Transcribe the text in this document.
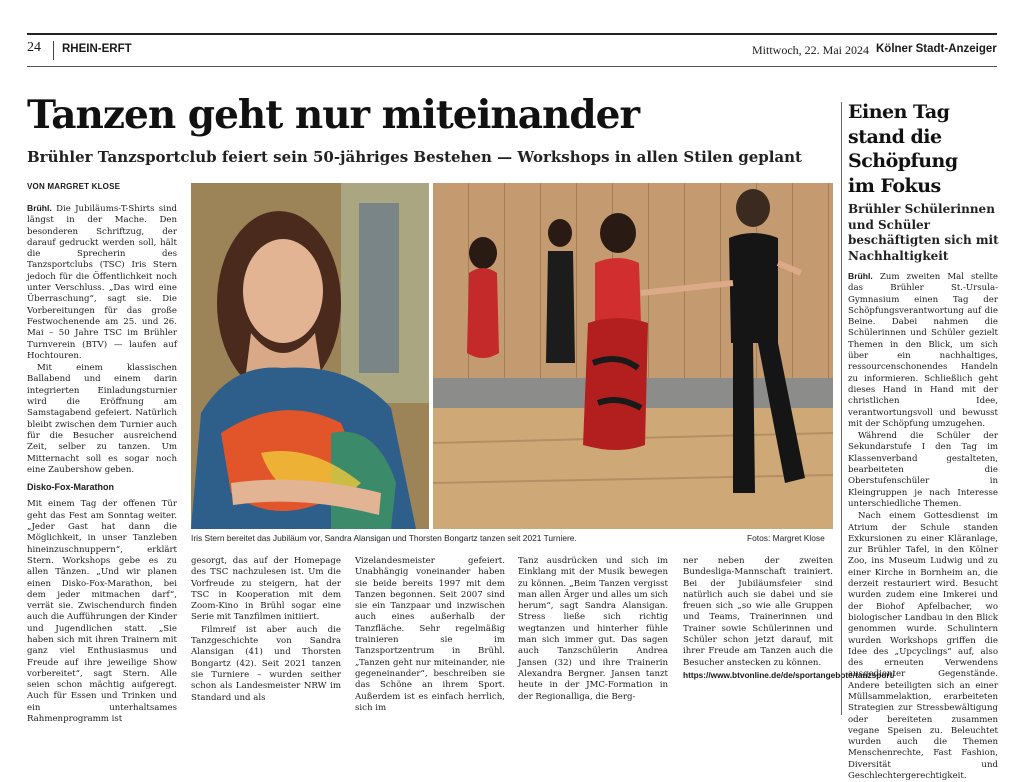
24 RHEIN-ERFT	Mittwoch, 22. Mai 2024 Kölner Stadt-Anzeiger
Tanzen geht nur miteinander
Brühler Tanzsportclub feiert sein 50-jähriges Bestehen — Workshops in allen Stilen geplant
VON MARGRET KLOSE

Brühl. Die Jubiläums-T-Shirts sind längst in der Mache. Den besonderen Schriftzug, der darauf gedruckt werden soll, hält die Sprecherin des Tanzsportclubs (TSC) Iris Stern jedoch für die Öffentlichkeit noch unter Verschluss. „Das wird eine Überraschung“, sagt sie. Die Vorbereitungen für das große Festwochenende am 25. und 26. Mai – 50 Jahre TSC im Brühler Turnverein (BTV) — laufen auf Hochtouren.

Mit einem klassischen Ballabend und einem darin integrierten Einladungsturnier wird die Eröffnung am Samstagabend gefeiert. Natürlich bleibt zwischen dem Turnier auch für die Besucher ausreichend Zeit, selber zu tanzen. Um Mitternacht soll es sogar noch eine Zaubershow geben.

Disko-Fox-Marathon

Mit einem Tag der offenen Tür geht das Fest am Sonntag weiter. „Jeder Gast hat dann die Möglichkeit, in unser Tanzleben hineinzuschnuppern“, erklärt Stern. Workshops gebe es zu allen Tänzen. „Und wir planen einen Disko-Fox-Marathon, bei dem jeder mitmachen darf“, verrät sie. Zwischendurch finden auch die Aufführungen der Kinder und Jugendlichen statt. „Sie haben sich mit ihren Trainern mit ganz viel Enthusiasmus und Freude auf ihre jeweilige Show vorbereitet“, sagt Stern. Alle seien schon mächtig aufgeregt. Auch für Essen und Trinken und ein unterhaltsames Rahmenprogramm ist

Iris Stern bereitet das Jubiläum vor, Sandra Alansigan und Thorsten Bongartz tanzen seit 2021 Turniere.	Fotos: Margret Klose

gesorgt, das auf der Homepage des TSC nachzulesen ist. Um die Vorfreude zu steigern, hat der TSC in Kooperation mit dem Zoom-Kino in Brühl sogar eine Serie mit Tanzfilmen initiiert.

Filmreif ist aber auch die Tanzgeschichte von Sandra Alansigan (41) und Thorsten Bongartz (42). Seit 2021 tanzen sie Turniere – wurden seither schon als Landesmeister NRW im Standard und als

Vizelandesmeister gefeiert. Unabhängig voneinander haben sie beide bereits 1997 mit dem Tanzen begonnen. Seit 2007 sind sie ein Tanzpaar und inzwischen auch eines außerhalb der Tanzfläche. Sehr regelmäßig trainieren sie im Tanzsportzentrum in Brühl. „Tanzen geht nur miteinander, nie gegeneinander“, beschreiben sie das Schöne an ihrem Sport. Außerdem ist es einfach herrlich, sich im

Tanz ausdrücken und sich im Einklang mit der Musik bewegen zu können. „Beim Tanzen vergisst man allen Ärger und alles um sich herum“, sagt Sandra Alansigan. Stress ließe sich richtig wegtanzen und hinterher fühle man sich immer gut. Das sagen auch Tanzschülerin Andrea Jansen (32) und ihre Trainerin Alexandra Bergner. Jansen tanzt heute in der JMC-Formation in der Regionalliga, die Berg-

ner neben der zweiten Bundesliga-Mannschaft trainiert. Bei der Jubiläumsfeier sind natürlich auch sie dabei und sie freuen sich „so wie alle Gruppen und Teams, Trainerinnen und Trainer sowie Schülerinnen und Schüler schon jetzt darauf, mit ihrer Freude am Tanzen auch die Besucher anstecken zu können.

https://www.btvonline.de/de/sportangebote/tanzsport/
Einen Tag stand die Schöpfung im Fokus
Brühler Schülerinnen und Schüler beschäftigten sich mit Nachhaltigkeit

Brühl. Zum zweiten Mal stellte das Brühler St.-Ursula-Gymnasium einen Tag der Schöpfungsverantwortung auf die Beine. Dabei nahmen die Schülerinnen und Schüler gezielt Themen in den Blick, um sich über ein nachhaltiges, ressourcenschonendes Handeln zu informieren. Schließlich geht dieses Hand in Hand mit der christlichen Idee, verantwortungsvoll und bewusst mit der Schöpfung umzugehen.

Während die Schüler der Sekundarstufe I den Tag im Klassenverband gestalteten, bearbeiteten die Oberstufenschüler in Kleingruppen je nach Interesse unterschiedliche Themen.

Nach einem Gottesdienst im Atrium der Schule standen Exkursionen zu einer Kläranlage, zur Brühler Tafel, in den Kölner Zoo, ins Museum Ludwig und zu einer Kirche in Bornheim an, die derzeit restauriert wird. Besucht wurden zudem eine Imkerei und der Biohof Apfelbacher, wo biologischer Landbau in den Blick genommen wurde. Schulintern wurden Workshops griffen die Idee des „Upcyclings“ auf, also des erneuten Verwendens ausgedienter Gegenstände. Andere beteiligten sich an einer Müllsammelaktion, erarbeiteten Strategien zur Stressbewältigung oder bereiteten zusammen vegane Speisen zu. Beleuchtet wurden auch die Themen Menschenrechte, Fast Fashion, Diversität und Geschlechtergerechtigkeit.
